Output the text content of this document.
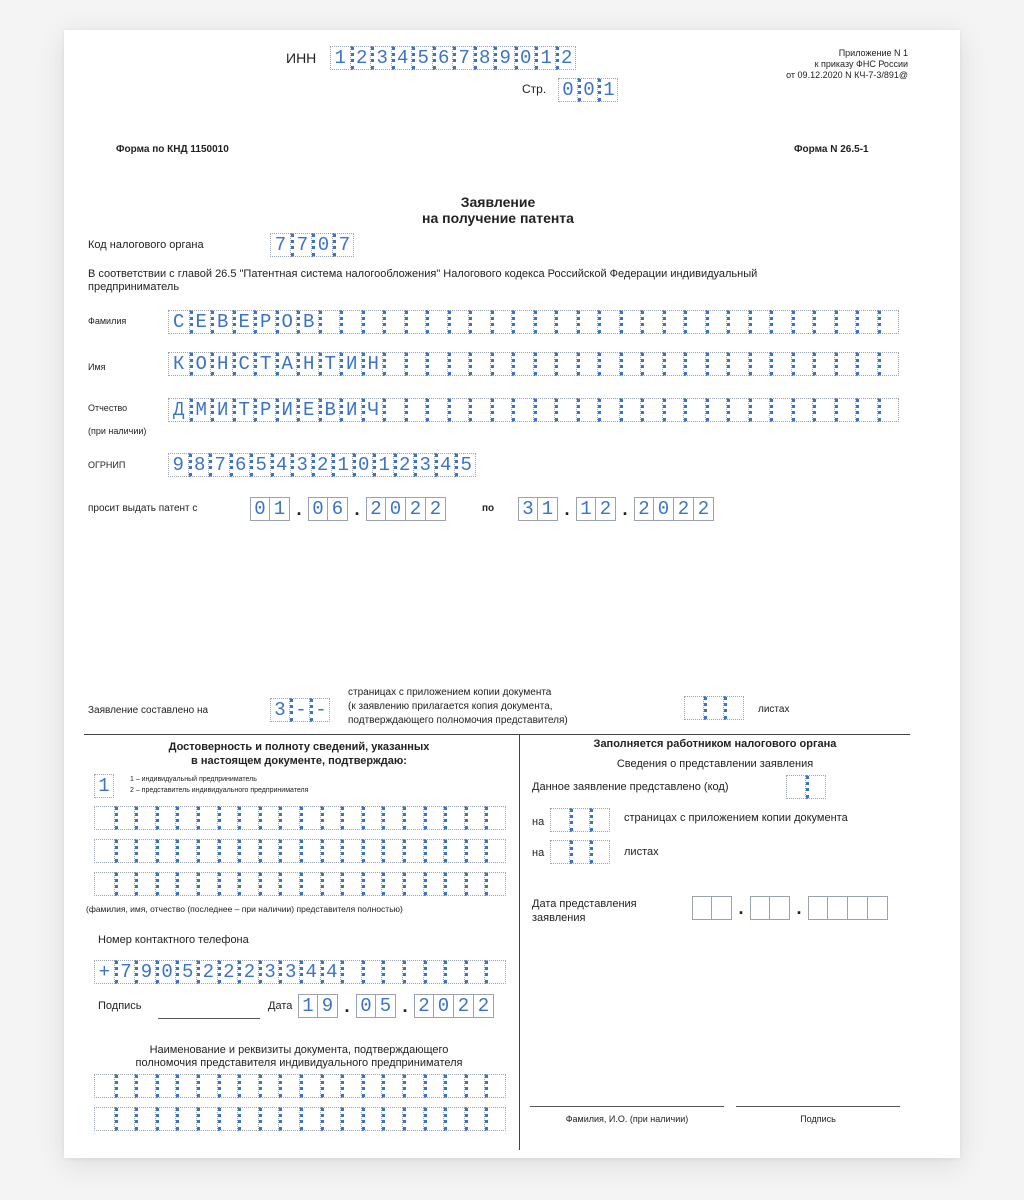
ИНН 1 2 3 4 5 6 7 8 9 0 1 2
Стр. 0 0 1
Приложение N 1
к приказу ФНС России
от 09.12.2020 N КЧ-7-3/891@
Форма по КНД 1150010	Форма N 26.5-1
Заявление
на получение патента
Код налогового органа	7 7 0 7
В соответствии с главой 26.5 "Патентная система налогообложения" Налогового кодекса Российской Федерации индивидуальный
предприниматель
Фамилия С Е В Е Р О В
Имя	К О Н С Т А Н Т И Н
Отчество
(при наличии)
Д М И Т Р И Е В И Ч
ОГРНИП 9 8 7 6 5 4 3 2 1 0 1 2 3 4 5
просит выдать патент с	0 1 . 0 6 . 2 0 2 2	по 3 1 . 1 2 . 2 0 2 2
Заявление составлено на	3 - -
страницах с приложением копии документа
(к заявлению прилагается копия документа,
подтверждающего полномочия представителя)
листах
Достоверность и полноту сведений, указанных
в настоящем документе, подтверждаю:
1	1 – индивидуальный предприниматель
2 – представитель индивидуального предпринимателя
(фамилия, имя, отчество (последнее – при наличии) представителя полностью)
Номер контактного телефона
+ 7 9 0 5 2 2 2 3 3 4 4
Подпись	Дата 1 9 . 0 5 . 2 0 2 2
Наименование и реквизиты документа, подтверждающего
полномочия представителя индивидуального предпринимателя
Заполняется работником налогового органа
Сведения о представлении заявления
Данное заявление представлено (код)
на	страницах с приложением копии документа
на	листах
Дата представления
заявления	.	.
Фамилия, И.О. (при наличии)	Подпись
